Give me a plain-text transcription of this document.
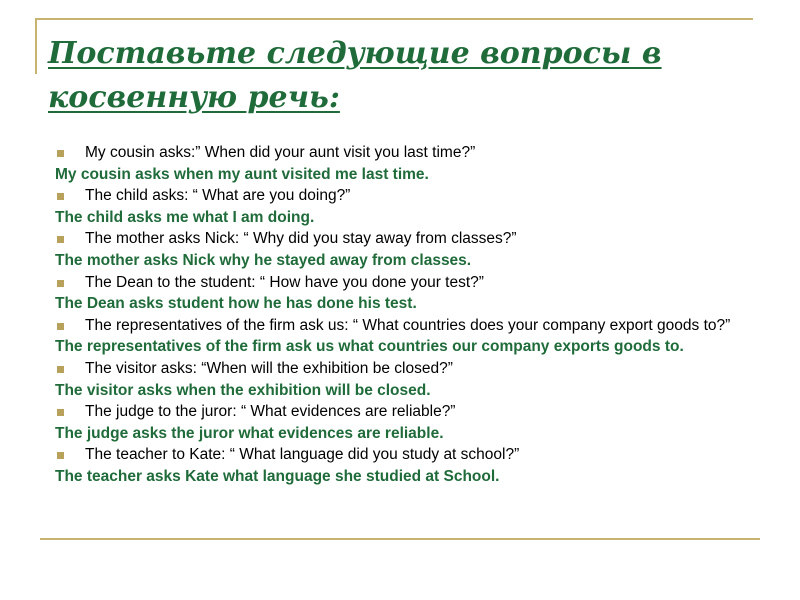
Поставьте следующие вопросы в косвенную речь:
My cousin asks:” When did your aunt visit you last time?”
My cousin asks when my aunt visited me last time.
The child asks: “ What are you doing?”
The child asks me what I am doing.
The mother asks Nick: “ Why did you stay away from classes?”
The mother asks Nick why he stayed away from classes.
The Dean to the student: “ How have you done your test?”
The Dean asks student how he has done his test.
The representatives of the firm ask us: “ What countries does your company export goods to?”
The representatives of the firm ask us what countries our company exports goods to.
The visitor asks: “When will the exhibition be closed?”
The visitor asks when the exhibition will be closed.
The judge to the juror: “ What evidences are reliable?”
The judge asks the juror what evidences are reliable.
The teacher to Kate: “ What language did you study at school?”
The teacher asks Kate what language she studied at School.
